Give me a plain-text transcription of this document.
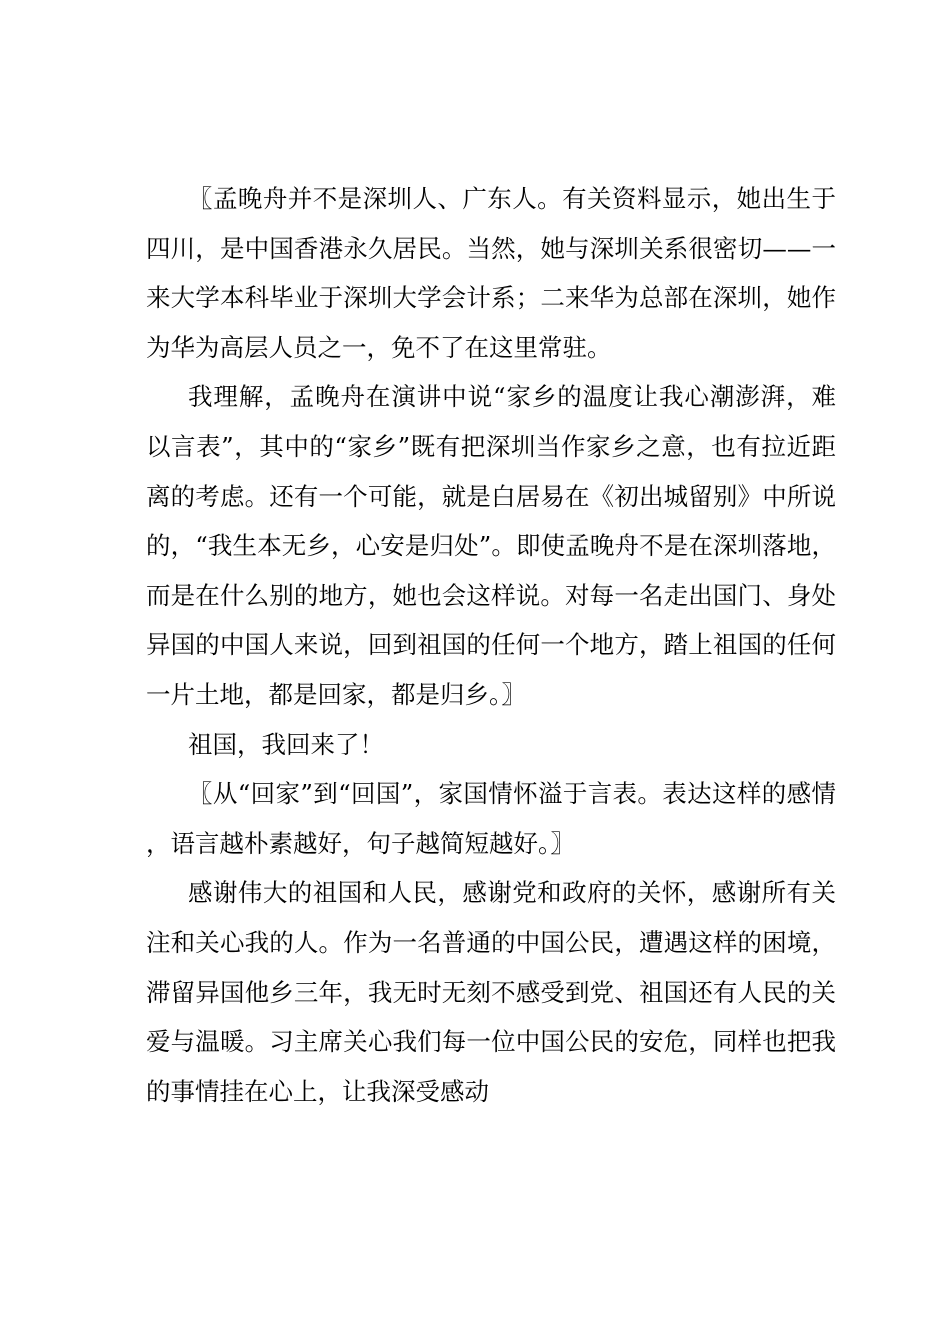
〖孟晚舟并不是深圳人、广东人。有关资料显示，她出生于四川，是中国香港永久居民。当然，她与深圳关系很密切——一来大学本科毕业于深圳大学会计系；二来华为总部在深圳，她作为华为高层人员之一，免不了在这里常驻。

我理解，孟晚舟在演讲中说“家乡的温度让我心潮澎湃，难以言表”，其中的“家乡”既有把深圳当作家乡之意，也有拉近距离的考虑。还有一个可能，就是白居易在《初出城留别》中所说的，“我生本无乡，心安是归处”。即使孟晚舟不是在深圳落地，而是在什么别的地方，她也会这样说。对每一名走出国门、身处异国的中国人来说，回到祖国的任何一个地方，踏上祖国的任何一片土地，都是回家，都是归乡。〗

祖国，我回来了！

〖从“回家”到“回国”，家国情怀溢于言表。表达这样的感情，语言越朴素越好，句子越简短越好。〗

感谢伟大的祖国和人民，感谢党和政府的关怀，感谢所有关注和关心我的人。作为一名普通的中国公民，遭遇这样的困境，滞留异国他乡三年，我无时无刻不感受到党、祖国还有人民的关爱与温暖。习主席关心我们每一位中国公民的安危，同样也把我的事情挂在心上，让我深受感动
